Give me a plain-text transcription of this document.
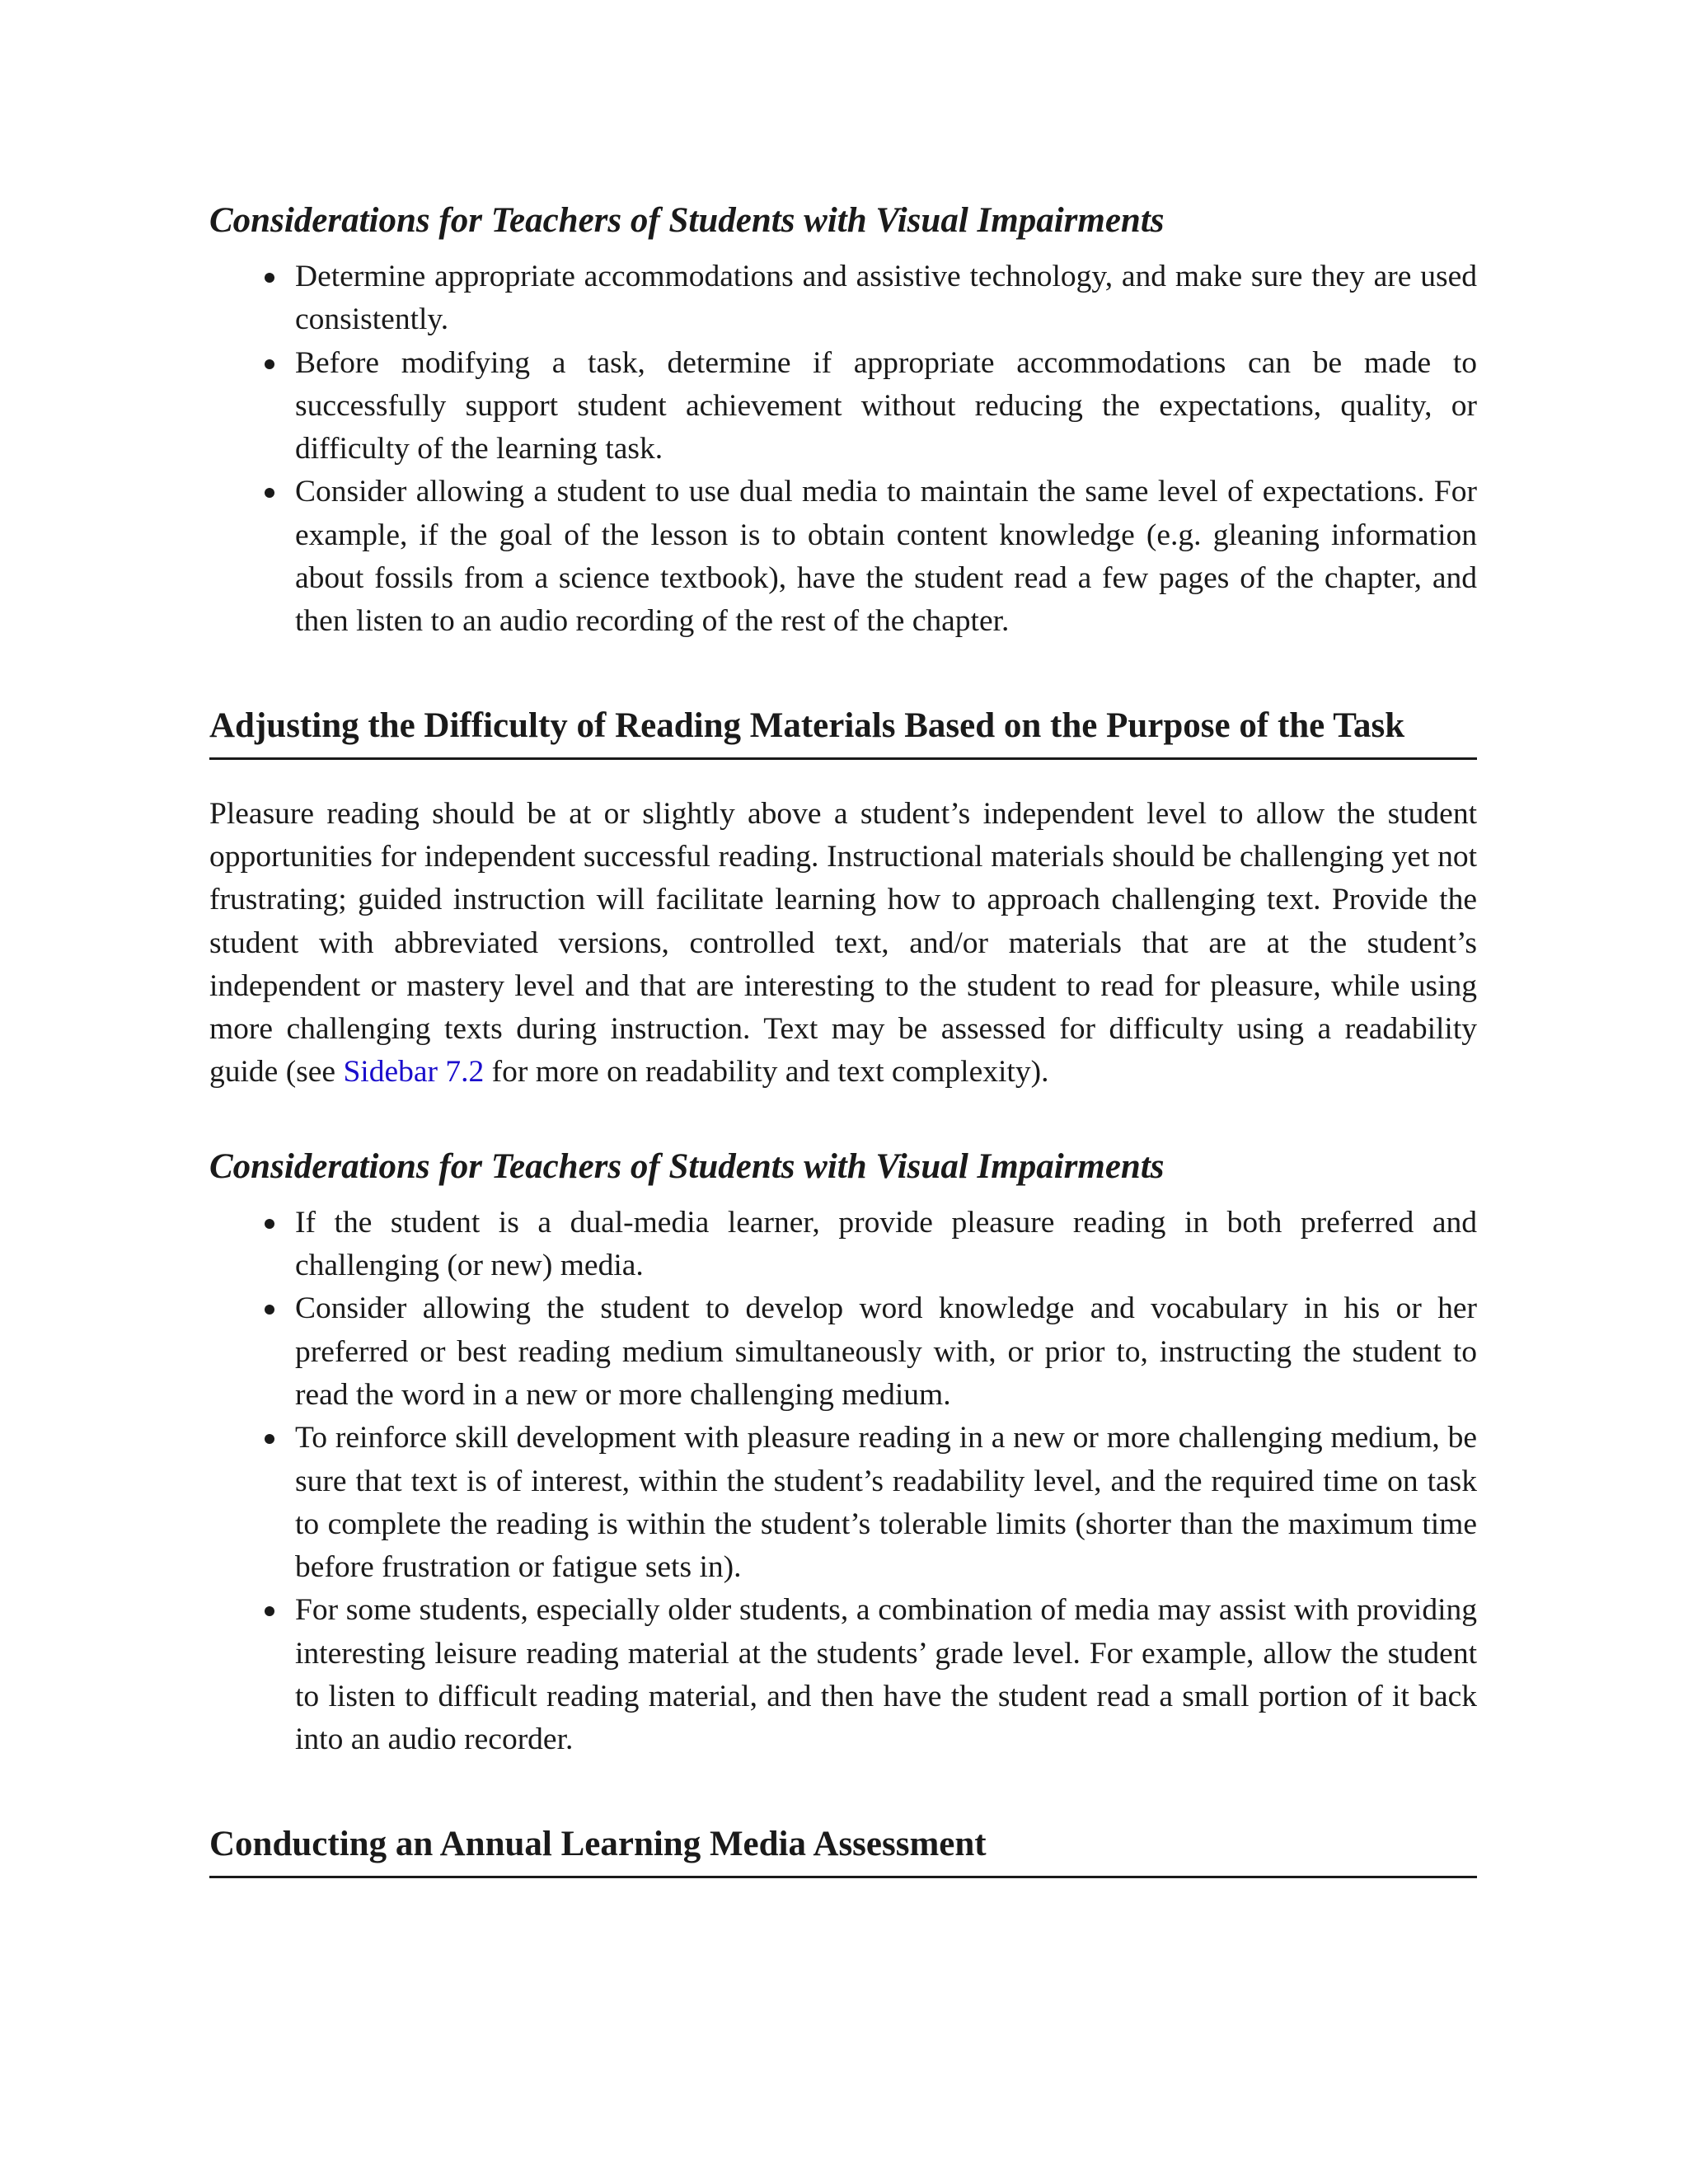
Considerations for Teachers of Students with Visual Impairments
Determine appropriate accommodations and assistive technology, and make sure they are used consistently.
Before modifying a task, determine if appropriate accommodations can be made to successfully support student achievement without reducing the expectations, quality, or difficulty of the learning task.
Consider allowing a student to use dual media to maintain the same level of expectations. For example, if the goal of the lesson is to obtain content knowledge (e.g. gleaning information about fossils from a science textbook), have the student read a few pages of the chapter, and then listen to an audio recording of the rest of the chapter.
Adjusting the Difficulty of Reading Materials Based on the Purpose of the Task

Pleasure reading should be at or slightly above a student’s independent level to allow the student opportunities for independent successful reading. Instructional materials should be challenging yet not frustrating; guided instruction will facilitate learning how to approach challenging text. Provide the student with abbreviated versions, controlled text, and/or materials that are at the student’s independent or mastery level and that are interesting to the student to read for pleasure, while using more challenging texts during instruction. Text may be assessed for difficulty using a readability guide (see Sidebar 7.2 for more on readability and text complexity).

Considerations for Teachers of Students with Visual Impairments
If the student is a dual-media learner, provide pleasure reading in both preferred and challenging (or new) media.
Consider allowing the student to develop word knowledge and vocabulary in his or her preferred or best reading medium simultaneously with, or prior to, instructing the student to read the word in a new or more challenging medium.
To reinforce skill development with pleasure reading in a new or more challenging medium, be sure that text is of interest, within the student’s readability level, and the required time on task to complete the reading is within the student’s tolerable limits (shorter than the maximum time before frustration or fatigue sets in).
For some students, especially older students, a combination of media may assist with providing interesting leisure reading material at the students’ grade level. For example, allow the student to listen to difficult reading material, and then have the student read a small portion of it back into an audio recorder.
Conducting an Annual Learning Media Assessment
